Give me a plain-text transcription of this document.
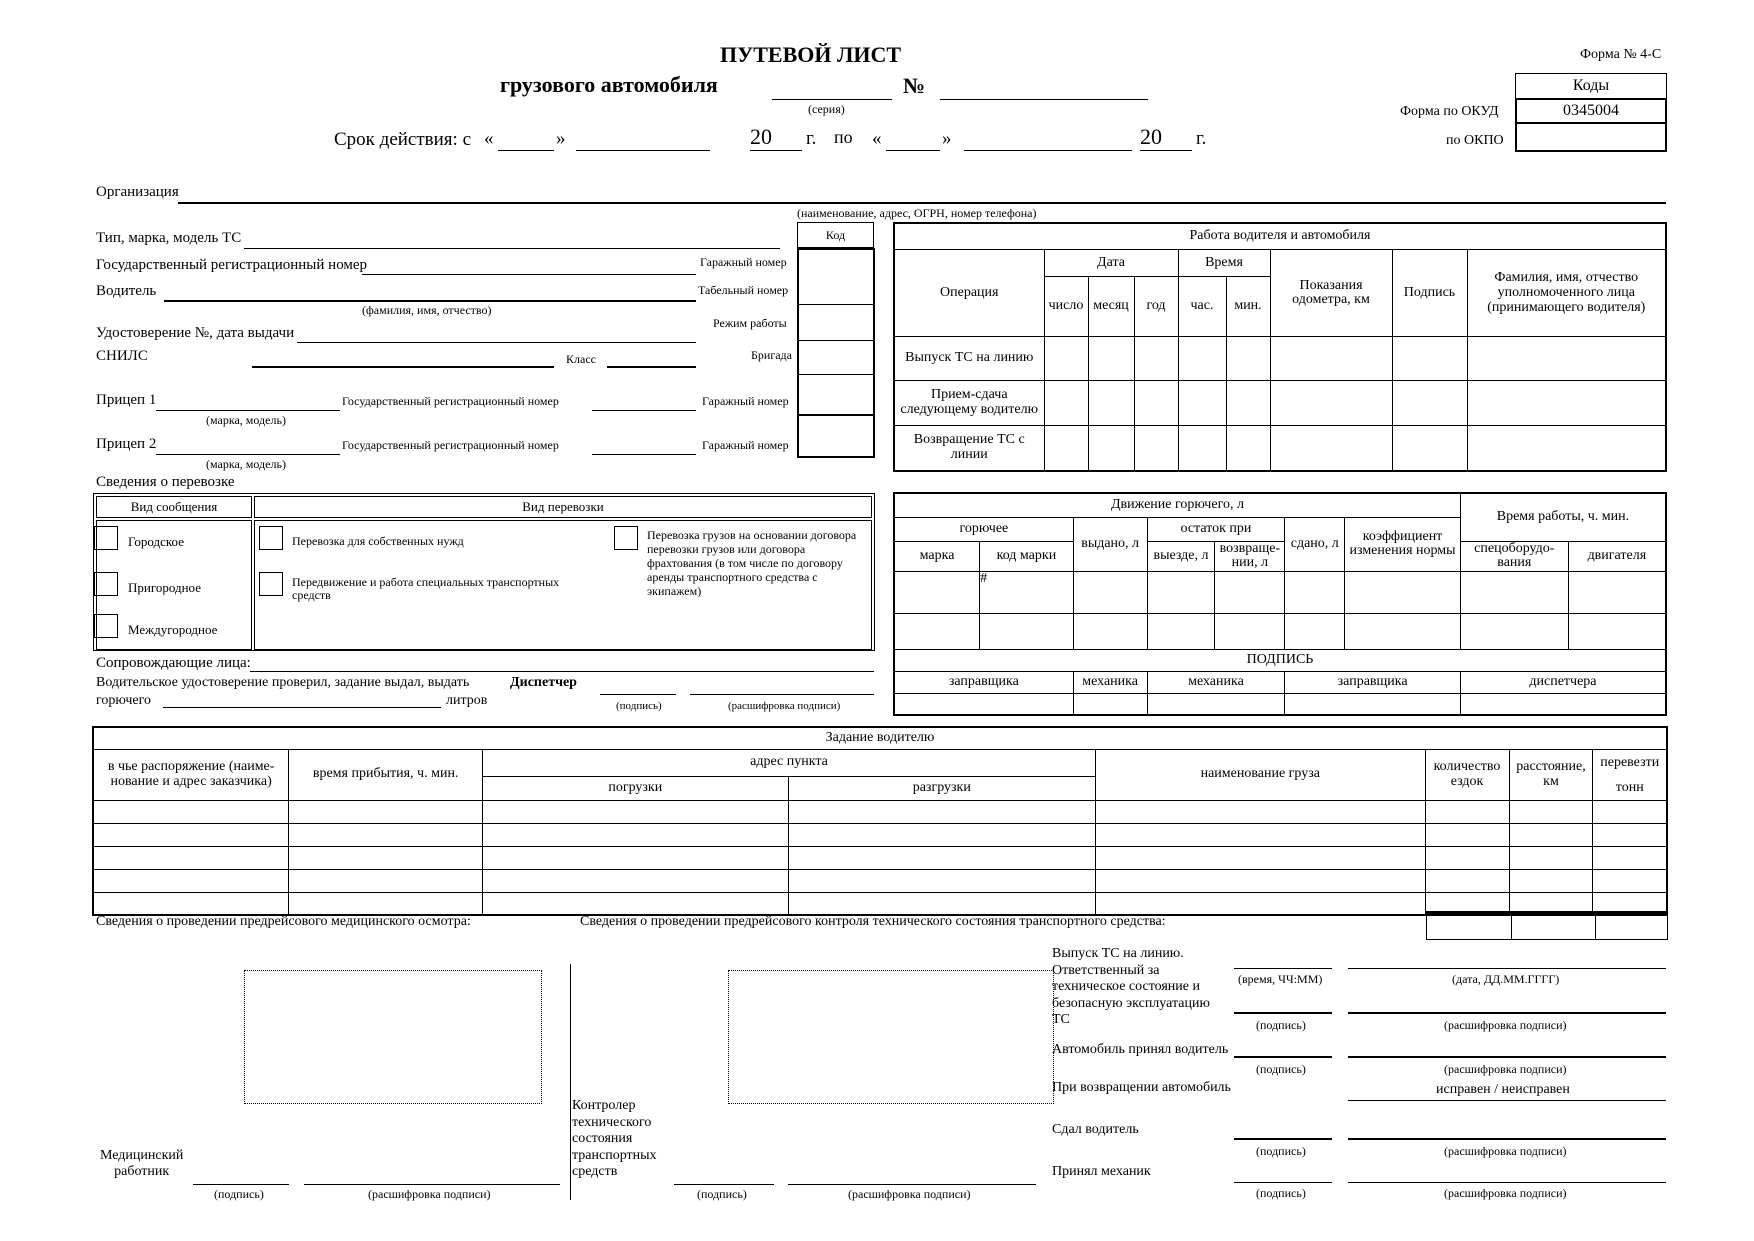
ПУТЕВОЙ ЛИСТ
грузового автомобиля
(серия)
№
Срок действия: с «	»	20 г. по «	»	20 г.
Форма № 4-С
Коды
Форма по ОКУД	0345004
по ОКПО
Организация
(наименование, адрес, ОГРН, номер телефона)
Тип, марка, модель ТС
Государственный регистрационный номер	Гаражный номер
Водитель
(фамилия, имя, отчество)
Табельный номер
Удостоверение №, дата выдачи
Режим работы
СНИЛС	Класс	Бригада
Прицеп 1	Государственный регистрационный номер	Гаражный номер
(марка, модель)
Прицеп 2	Государственный регистрационный номер	Гаражный номер
(марка, модель)
Код	Работа водителя и автомобиля								
Операция	Дата			Время		Показания одометра, км	Подпись	Фамилия, имя, отчество уполномоченного лица (принимающего водителя)
	число	месяц	год	час.	мин.			
Выпуск ТС на линию								
Прием-сдача следующему водителю								
Возвращение ТС с линии								
Сведения о перевозке
Вид сообщения	Вид перевозки
Городское
Пригородное
Междугородное
Перевозка для собственных нужд
Передвижение и работа специальных транспортных средств
Перевозка грузов на основании договора перевозки грузов или договора фрахтования (в том числе по договору аренды транспортного средства с экипажем)
Движение горючего, л							Время работы, ч. мин.	
горючее		выдано, л	остаток при		сдано, л	коэффициент изменения нормы		
марка	код марки		выезде, л	возвраще-нии, л			спецоборудо-вания	двигателя
	#							

ПОДПИСЬ								
заправщика		механика	механика		заправщика		диспетчера	

Сопровождающие лица:
Водительское удостоверение проверил, задание выдал, выдать
горючего	литров
Диспетчер
(подпись)	(расшифровка подписи)
Задание водителю							
в чье распоряжение (наиме-нование и адрес заказчика)	время прибытия, ч. мин.	адрес пункта		наименование груза	количество ездок	расстояние, км	перевезти
тонн
		погрузки	разгрузки				

Сведения о проведении предрейсового медицинского осмотра:	Сведения о проведении предрейсового контроля технического состояния транспортного средства:
Медицинский
работник
(подпись)	(расшифровка подписи)
Контролер
технического
состояния
транспортных
средств
(подпись)	(расшифровка подписи)
Выпуск ТС на линию.
Ответственный за
техническое состояние и
безопасную эксплуатацию
ТС
(время, ЧЧ:ММ)	(дата, ДД.ММ.ГГГГ)
(подпись)	(расшифровка подписи)
Автомобиль принял водитель
(подпись)	(расшифровка подписи)
При возвращении автомобиль	исправен / неисправен
Сдал водитель
(подпись)	(расшифровка подписи)
Принял механик
(подпись)	(расшифровка подписи)
